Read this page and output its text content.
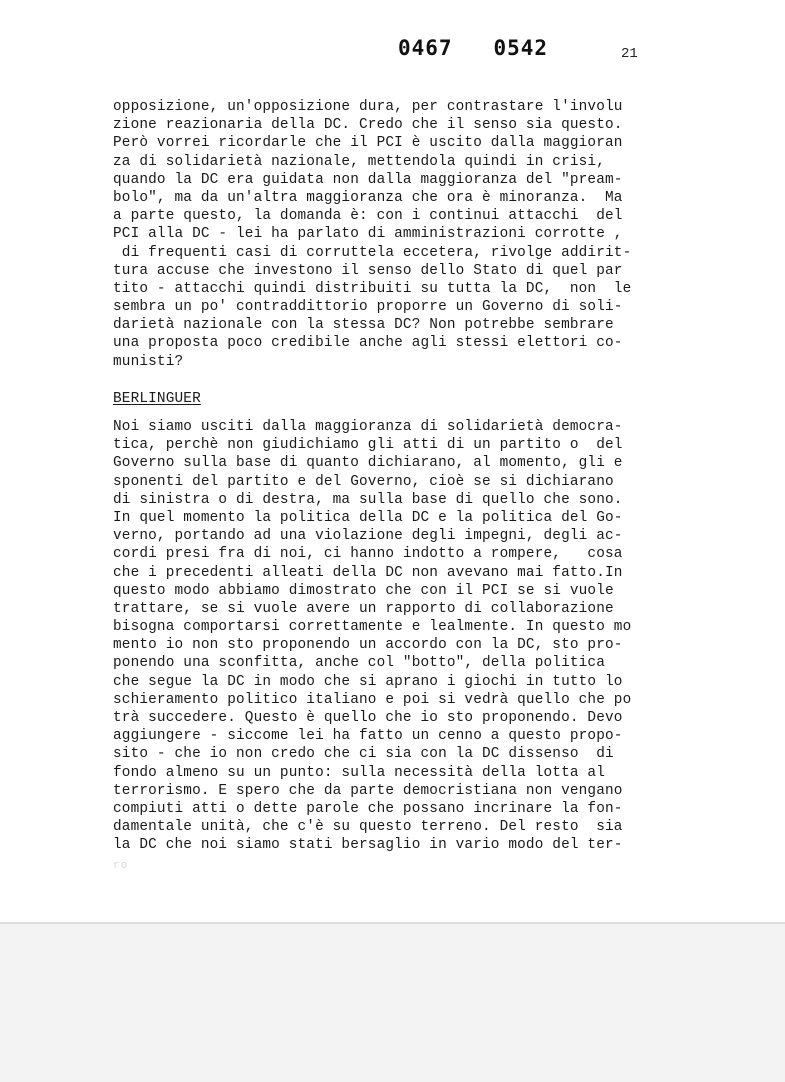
0467   0542	21
opposizione, un'opposizione dura, per contrastare l'involu
zione reazionaria della DC. Credo che il senso sia questo.
Però vorrei ricordarle che il PCI è uscito dalla maggioran
za di solidarietà nazionale, mettendola quindi in crisi,
quando la DC era guidata non dalla maggioranza del "pream-
bolo", ma da un'altra maggioranza che ora è minoranza.  Ma
a parte questo, la domanda è: con i continui attacchi  del
PCI alla DC - lei ha parlato di amministrazioni corrotte ,
di frequenti casi di corruttela eccetera, rivolge addirit-
tura accuse che investono il senso dello Stato di quel par
tito - attacchi quindi distribuiti su tutta la DC,  non  le
sembra un po' contraddittorio proporre un Governo di soli-
darietà nazionale con la stessa DC? Non potrebbe sembrare
una proposta poco credibile anche agli stessi elettori co-
munisti?
BERLINGUER
Noi siamo usciti dalla maggioranza di solidarietà democra-
tica, perchè non giudichiamo gli atti di un partito o  del
Governo sulla base di quanto dichiarano, al momento, gli e
sponenti del partito e del Governo, cioè se si dichiarano
di sinistra o di destra, ma sulla base di quello che sono.
In quel momento la politica della DC e la politica del Go-
verno, portando ad una violazione degli impegni, degli ac-
cordi presi fra di noi, ci hanno indotto a rompere,   cosa
che i precedenti alleati della DC non avevano mai fatto.In
questo modo abbiamo dimostrato che con il PCI se si vuole
trattare, se si vuole avere un rapporto di collaborazione
bisogna comportarsi correttamente e lealmente. In questo mo
mento io non sto proponendo un accordo con la DC, sto pro-
ponendo una sconfitta, anche col "botto", della politica
che segue la DC in modo che si aprano i giochi in tutto lo
schieramento politico italiano e poi si vedrà quello che po
trà succedere. Questo è quello che io sto proponendo. Devo
aggiungere - siccome lei ha fatto un cenno a questo propo-
sito - che io non credo che ci sia con la DC dissenso  di
fondo almeno su un punto: sulla necessità della lotta al
terrorismo. E spero che da parte democristiana non vengano
compiuti atti o dette parole che possano incrinare la fon-
damentale unità, che c'è su questo terreno. Del resto  sia
la DC che noi siamo stati bersaglio in vario modo del ter-
ro
